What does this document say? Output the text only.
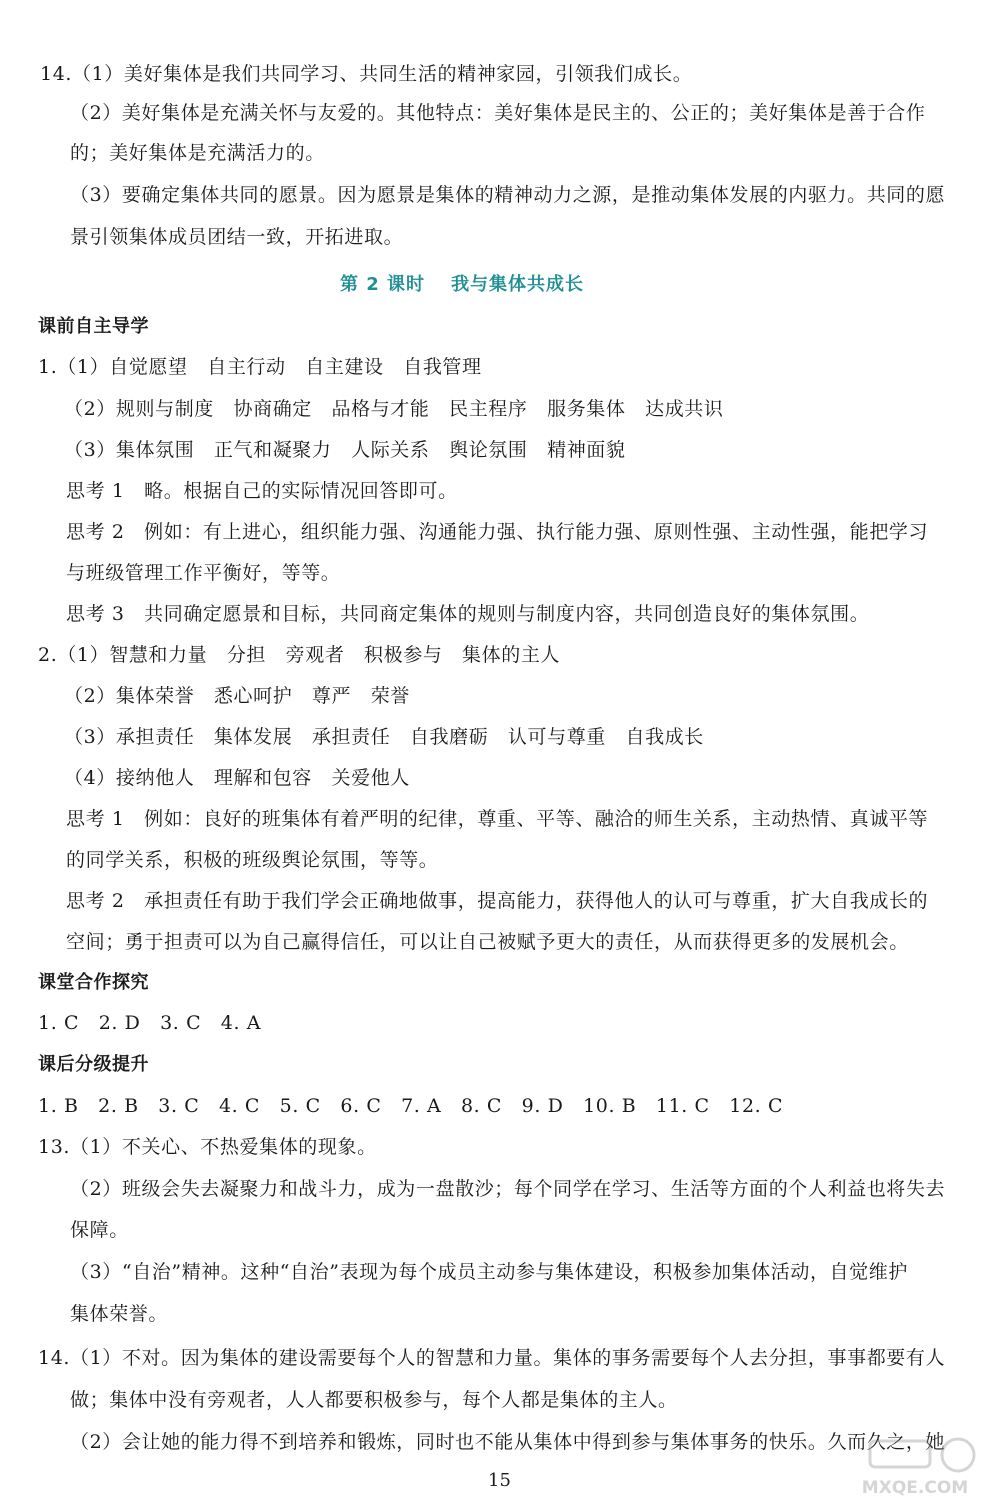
14.（1）美好集体是我们共同学习、共同生活的精神家园，引领我们成长。
（2）美好集体是充满关怀与友爱的。其他特点：美好集体是民主的、公正的；美好集体是善于合作
的；美好集体是充满活力的。
（3）要确定集体共同的愿景。因为愿景是集体的精神动力之源，是推动集体发展的内驱力。共同的愿
景引领集体成员团结一致，开拓进取。
第 2 课时 我与集体共成长
课前自主导学
1.（1）自觉愿望　自主行动　自主建设　自我管理
（2）规则与制度　协商确定　品格与才能　民主程序　服务集体　达成共识
（3）集体氛围　正气和凝聚力　人际关系　舆论氛围　精神面貌
思考 1　略。根据自己的实际情况回答即可。
思考 2　例如：有上进心，组织能力强、沟通能力强、执行能力强、原则性强、主动性强，能把学习
与班级管理工作平衡好，等等。
思考 3　共同确定愿景和目标，共同商定集体的规则与制度内容，共同创造良好的集体氛围。
2.（1）智慧和力量　分担　旁观者　积极参与　集体的主人
（2）集体荣誉　悉心呵护　尊严　荣誉
（3）承担责任　集体发展　承担责任　自我磨砺　认可与尊重　自我成长
（4）接纳他人　理解和包容　关爱他人
思考 1　例如：良好的班集体有着严明的纪律，尊重、平等、融洽的师生关系，主动热情、真诚平等
的同学关系，积极的班级舆论氛围，等等。
思考 2　承担责任有助于我们学会正确地做事，提高能力，获得他人的认可与尊重，扩大自我成长的
空间；勇于担责可以为自己赢得信任，可以让自己被赋予更大的责任，从而获得更多的发展机会。
课堂合作探究
1. C　2. D　3. C　4. A
课后分级提升
1. B　2. B　3. C　4. C　5. C　6. C　7. A　8. C　9. D　10. B　11. C　12. C
13.（1）不关心、不热爱集体的现象。
（2）班级会失去凝聚力和战斗力，成为一盘散沙；每个同学在学习、生活等方面的个人利益也将失去
保障。
（3）“自治”精神。这种“自治”表现为每个成员主动参与集体建设，积极参加集体活动，自觉维护
集体荣誉。
14.（1）不对。因为集体的建设需要每个人的智慧和力量。集体的事务需要每个人去分担，事事都要有人
做；集体中没有旁观者，人人都要积极参与，每个人都是集体的主人。
（2）会让她的能力得不到培养和锻炼，同时也不能从集体中得到参与集体事务的快乐。久而久之，她
15	MXQE.COM
